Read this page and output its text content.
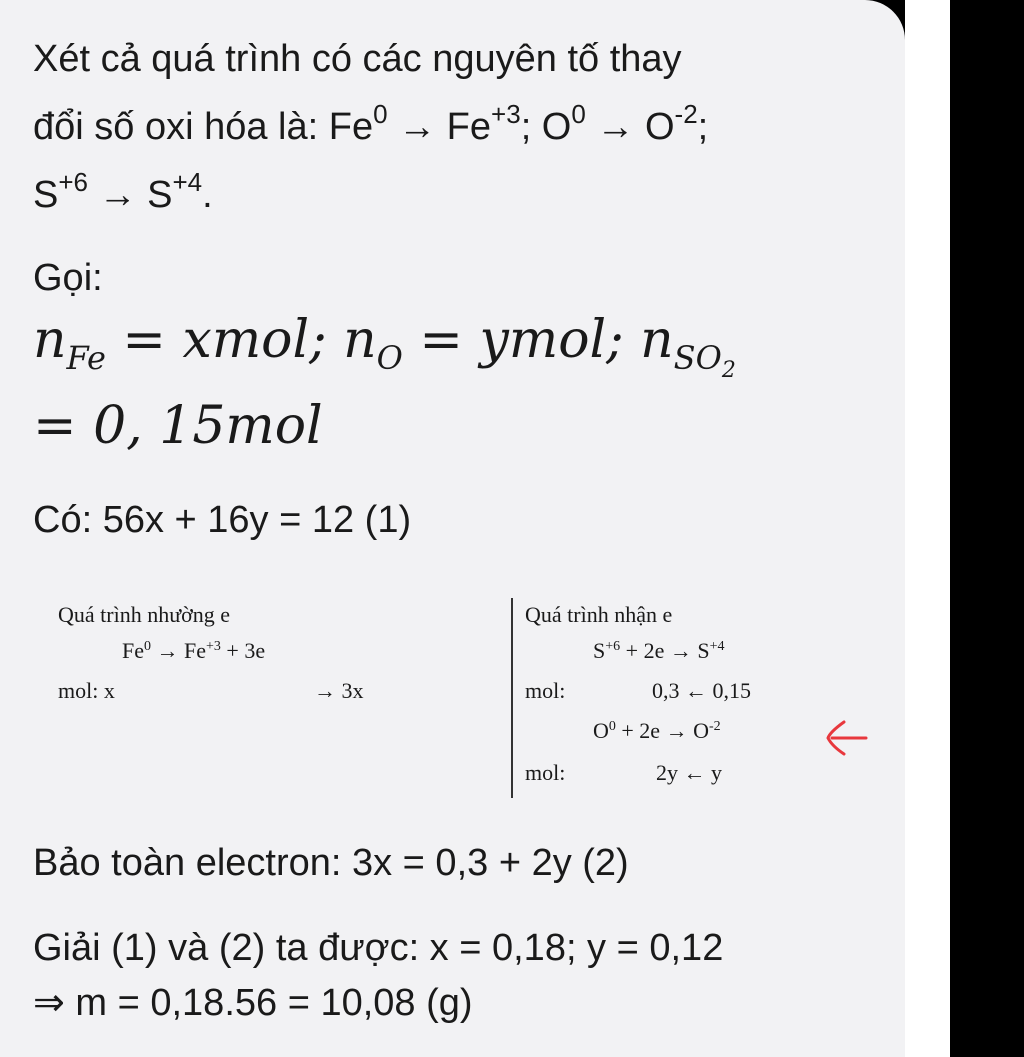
Xét cả quá trình có các nguyên tố thay
đổi số oxi hóa là: $Fe^0 \to Fe^{+3}$; $O^0 \to O^{-2}$;
$S^{+6} \to S^{+4}$.
Gọi:
$n_{Fe}$ = xmol; $n_O$ = ymol; $n_{SO_2}$
= 0, 15mol
Có: 56x + 16y = 12 (1)
Quá trình nhường e
$Fe^0 \to Fe^{+3} + 3e$
mol: x	→ 3x
Quá trình nhận e
$S^{+6} + 2e \to S^{+4}$
mol:	0,3 ← 0,15
$O^0 + 2e \to O^{-2}$
mol:	2y ← y
Bảo toàn electron: 3x = 0,3 + 2y (2)
Giải (1) và (2) ta được: x = 0,18; y = 0,12
⇒ m = 0,18.56 = 10,08 (g)
